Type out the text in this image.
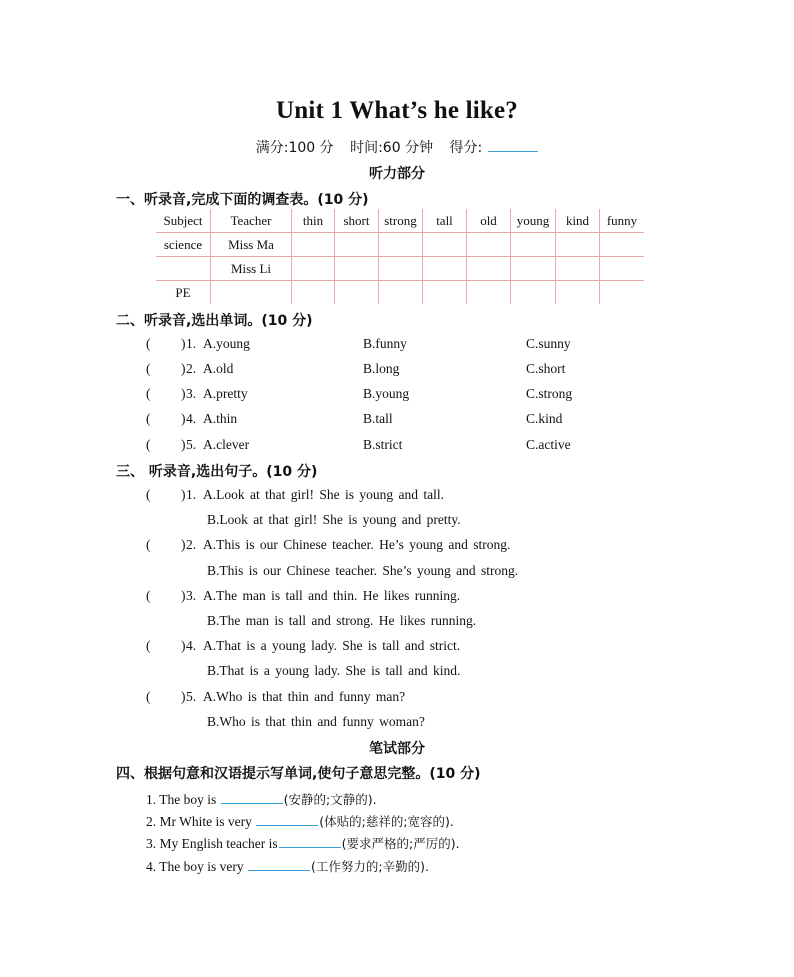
Unit 1 What’s he like?
满分:100 分 时间:60 分钟 得分:
听力部分
一、听录音,完成下面的调查表。(10 分)
Subject	Teacher	thin	short	strong	tall	old	young	kind	funny
science	Miss Ma								
	Miss Li								
PE									
二、听录音,选出单词。(10 分)
( ) 1. A.young	B.funny	C.sunny
( ) 2. A.old	B.long	C.short
( ) 3. A.pretty	B.young	C.strong
( ) 4. A.thin	B.tall	C.kind
( ) 5. A.clever	B.strict	C.active
三、 听录音,选出句子。(10 分)
( ) 1. A.Look at that girl! She is young and tall.
B.Look at that girl! She is young and pretty.
( ) 2. A.This is our Chinese teacher. He’s young and strong.
B.This is our Chinese teacher. She’s young and strong.
( ) 3. A.The man is tall and thin. He likes running.
B.The man is tall and strong. He likes running.
( ) 4. A.That is a young lady. She is tall and strict.
B.That is a young lady. She is tall and kind.
( ) 5. A.Who is that thin and funny man?
B.Who is that thin and funny woman?
笔试部分
四、根据句意和汉语提示写单词,使句子意思完整。(10 分)
1. The boy is	(安静的;文静的).
2. Mr White is very	(体贴的;慈祥的;宽容的).
3. My English teacher is	(要求严格的;严厉的).
4. The boy is very	(工作努力的;辛勤的).
